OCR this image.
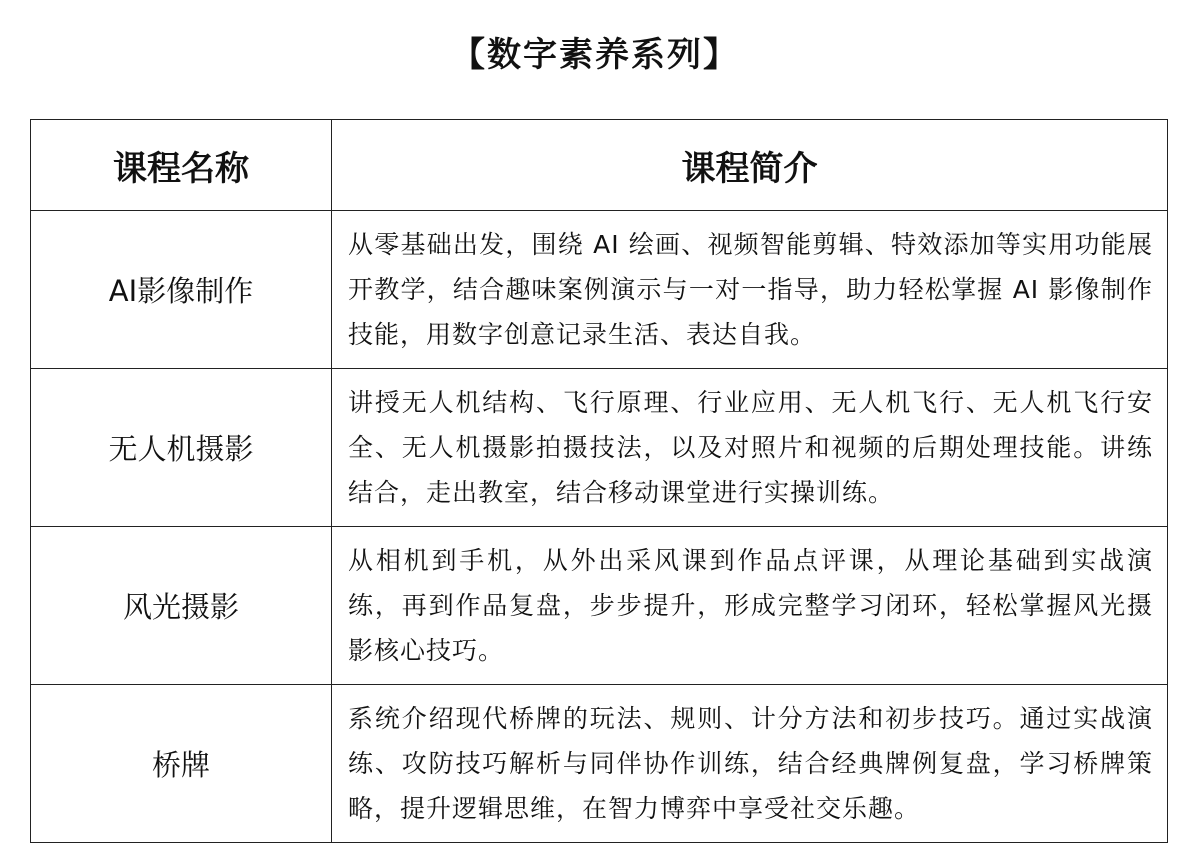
【数字素养系列】
课程名称	课程简介
AI影像制作	从零基础出发，围绕 AI 绘画、视频智能剪辑、特效添加等实用功能展开教学，结合趣味案例演示与一对一指导，助力轻松掌握 AI 影像制作技能，用数字创意记录生活、表达自我。
无人机摄影	讲授无人机结构、飞行原理、行业应用、无人机飞行、无人机飞行安全、无人机摄影拍摄技法，以及对照片和视频的后期处理技能。讲练结合，走出教室，结合移动课堂进行实操训练。
风光摄影	从相机到手机，从外出采风课到作品点评课，从理论基础到实战演练，再到作品复盘，步步提升，形成完整学习闭环，轻松掌握风光摄影核心技巧。
桥牌	系统介绍现代桥牌的玩法、规则、计分方法和初步技巧。通过实战演练、攻防技巧解析与同伴协作训练，结合经典牌例复盘，学习桥牌策略，提升逻辑思维，在智力博弈中享受社交乐趣。
